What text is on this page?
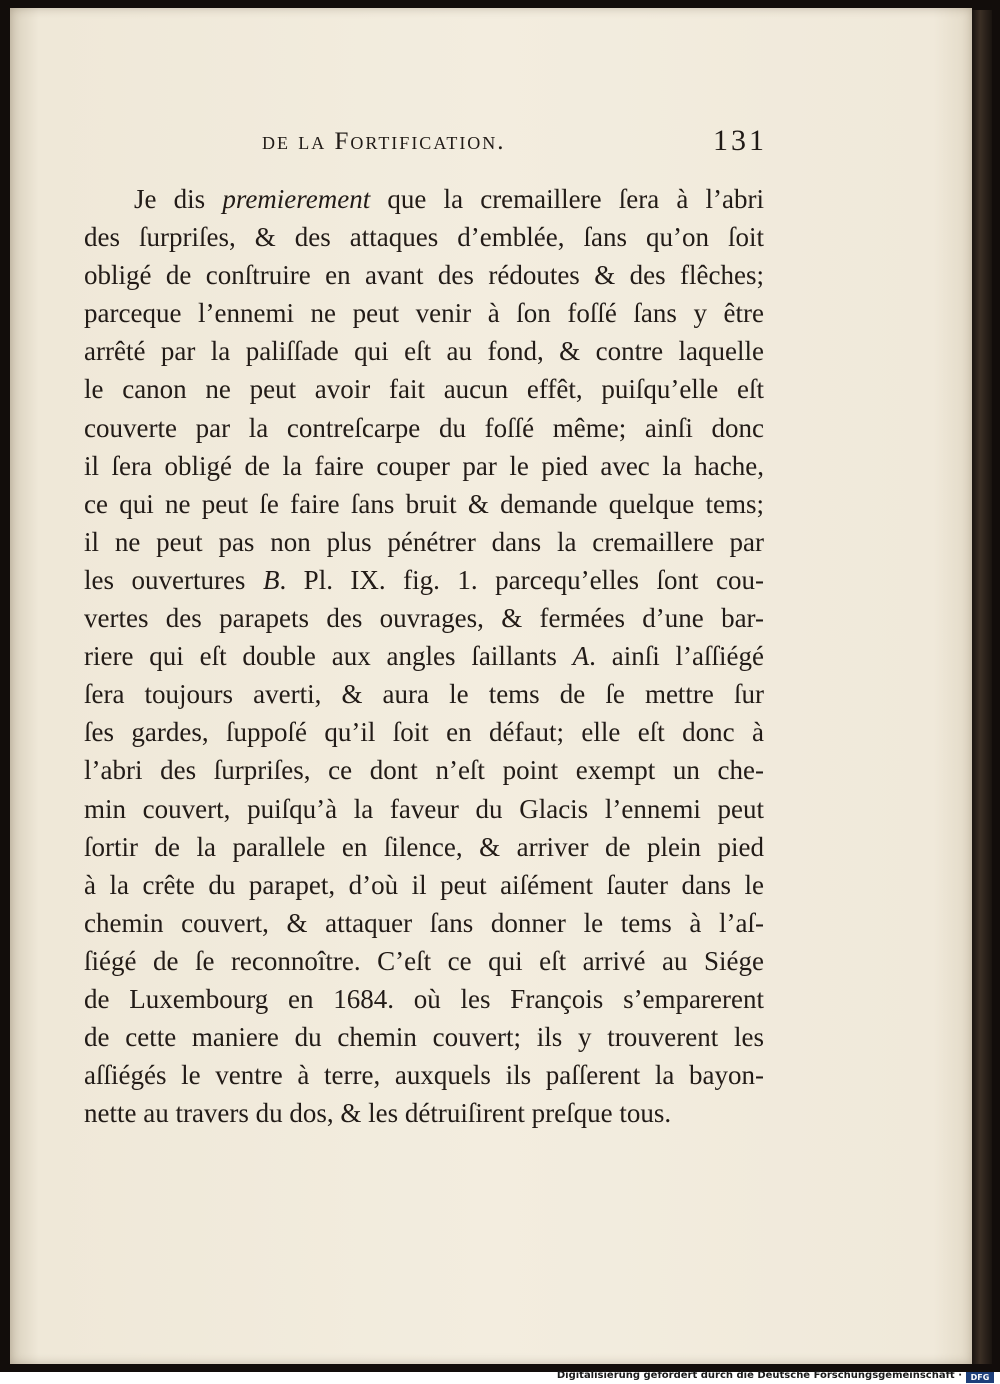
de la Fortification.	131
Je dis premierement que la cremaillere ſera à l’abri
des ſurpriſes, & des attaques d’emblée, ſans qu’on ſoit
obligé de conſtruire en avant des rédoutes & des flêches;
parceque l’ennemi ne peut venir à ſon foſſé ſans y être
arrêté par la paliſſade qui eſt au fond, & contre laquelle
le canon ne peut avoir fait aucun effêt, puiſqu’elle eſt
couverte par la contreſcarpe du foſſé même; ainſi donc
il ſera obligé de la faire couper par le pied avec la hache,
ce qui ne peut ſe faire ſans bruit & demande quelque tems;
il ne peut pas non plus pénétrer dans la cremaillere par
les ouvertures B. Pl. IX. fig. 1. parcequ’elles ſont cou-
vertes des parapets des ouvrages, & fermées d’une bar-
riere qui eſt double aux angles ſaillants A. ainſi l’aſſiégé
ſera toujours averti, & aura le tems de ſe mettre ſur
ſes gardes, ſuppoſé qu’il ſoit en défaut; elle eſt donc à
l’abri des ſurpriſes, ce dont n’eſt point exempt un che-
min couvert, puiſqu’à la faveur du Glacis l’ennemi peut
ſortir de la parallele en ſilence, & arriver de plein pied
à la crête du parapet, d’où il peut aiſément ſauter dans le
chemin couvert, & attaquer ſans donner le tems à l’aſ-
ſiégé de ſe reconnoître. C’eſt ce qui eſt arrivé au Siége
de Luxembourg en 1684. où les François s’emparerent
de cette maniere du chemin couvert; ils y trouverent les
aſſiégés le ventre à terre, auxquels ils paſſerent la bayon-
nette au travers du dos, & les détruiſirent preſque tous.
Digitalisierung gefördert durch die Deutsche Forschungsgemeinschaft ·	DFG
